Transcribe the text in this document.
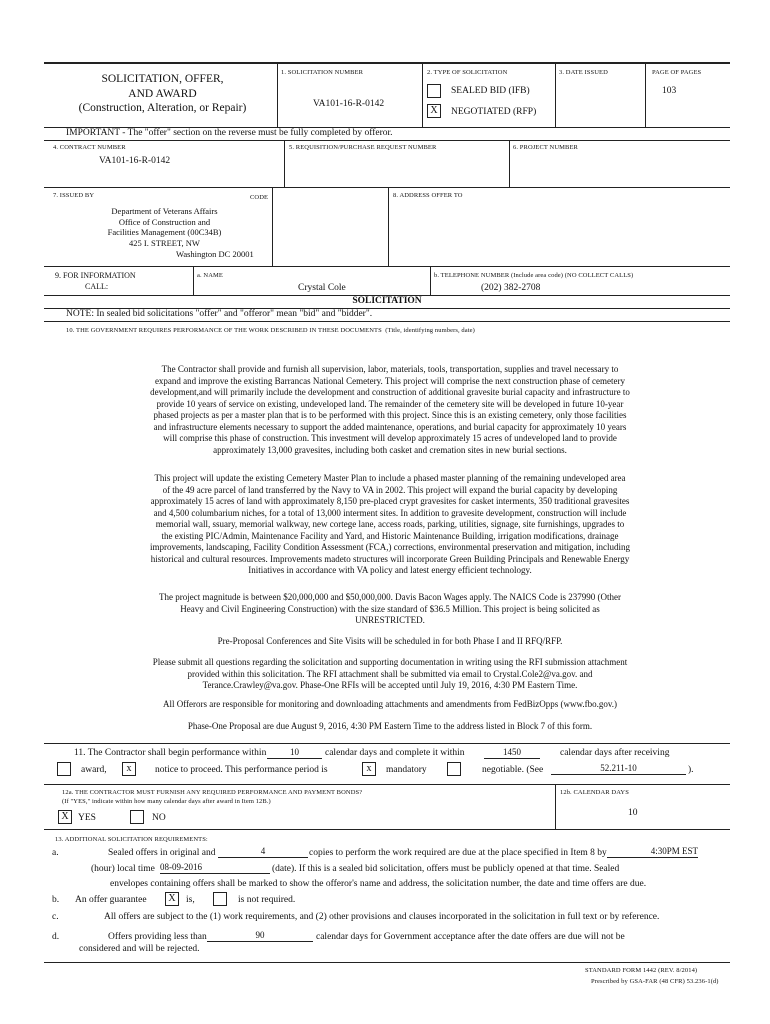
SOLICITATION, OFFER,
AND AWARD
(Construction, Alteration, or Repair)
1. SOLICITATION NUMBER
VA101-16-R-0142
2. TYPE OF SOLICITATION
SEALED BID (IFB)
X	NEGOTIATED (RFP)
3. DATE ISSUED	PAGE OF PAGES
103
IMPORTANT - The "offer" section on the reverse must be fully completed by offeror.
4. CONTRACT NUMBER
VA101-16-R-0142
5. REQUISITION/PURCHASE REQUEST NUMBER	6. PROJECT NUMBER
7. ISSUED BY	CODE
Department of Veterans Affairs
Office of Construction and
Facilities Management (00C34B)
425 I. STREET, NW
Washington DC 20001
8. ADDRESS OFFER TO
9. FOR INFORMATION
CALL:
a. NAME
Crystal Cole
b. TELEPHONE NUMBER (Include area code) (NO COLLECT CALLS)
(202) 382-2708
SOLICITATION
NOTE: In sealed bid solicitations "offer" and "offeror" mean "bid" and "bidder".
10. THE GOVERNMENT REQUIRES PERFORMANCE OF THE WORK DESCRIBED IN THESE DOCUMENTS (Title, identifying numbers, date)
The Contractor shall provide and furnish all supervision, labor, materials, tools, transportation, supplies and travel necessary to expand and improve the existing Barrancas National Cemetery. This project will comprise the next construction phase of cemetery development,and will primarily include the development and construction of additional gravesite burial capacity and infrastructure to provide 10 years of service on existing, undeveloped land. The remainder of the cemetery site will be developed in future 10-year phased projects as per a master plan that is to be performed with this project. Since this is an existing cemetery, only those facilities and infrastructure elements necessary to support the added maintenance, operations, and burial capacity for approximately 10 years will comprise this phase of construction. This investment will develop approximately 15 acres of undeveloped land to provide approximately 13,000 gravesites, including both casket and cremation sites in new burial sections.
This project will update the existing Cemetery Master Plan to include a phased master planning of the remaining undeveloped area of the 49 acre parcel of land transferred by the Navy to VA in 2002. This project will expand the burial capacity by developing approximately 15 acres of land with approximately 8,150 pre-placed crypt gravesites for casket interments, 350 traditional gravesites and 4,500 columbarium niches, for a total of 13,000 interment sites. In addition to gravesite development, construction will include memorial wall, ssuary, memorial walkway, new cortege lane, access roads, parking, utilities, signage, site furnishings, upgrades to the existing PIC/Admin, Maintenance Facility and Yard, and Historic Maintenance Building, irrigation modifications, drainage improvements, landscaping, Facility Condition Assessment (FCA,) corrections, environmental preservation and mitigation, including historical and cultural resources. Improvements madeto structures will incorporate Green Building Principals and Renewable Energy Initiatives in accordance with VA policy and latest energy efficient technology.
The project magnitude is between $20,000,000 and $50,000,000. Davis Bacon Wages apply. The NAICS Code is 237990 (Other Heavy and Civil Engineering Construction) with the size standard of $36.5 Million. This project is being solicited as UNRESTRICTED.
Pre-Proposal Conferences and Site Visits will be scheduled in for both Phase I and II RFQ/RFP.
Please submit all questions regarding the solicitation and supporting documentation in writing using the RFI submission attachment provided within this solicitation. The RFI attachment shall be submitted via email to Crystal.Cole2@va.gov. and Terance.Crawley@va.gov. Phase-One RFIs will be accepted until July 19, 2016, 4:30 PM Eastern Time.
All Offerors are responsible for monitoring and downloading attachments and amendments from FedBizOpps (www.fbo.gov.)
Phase-One Proposal are due August 9, 2016, 4:30 PM Eastern Time to the address listed in Block 7 of this form.
11. The Contractor shall begin performance within	10	calendar days and complete it within	1450	calendar days after receiving
award,	x	notice to proceed. This performance period is	x	mandatory	negotiable. (See	52.211-10	).
12a. THE CONTRACTOR MUST FURNISH ANY REQUIRED PERFORMANCE AND PAYMENT BONDS?
(If "YES," indicate within how many calendar days after award in Item 12B.)
X YES	NO
12b. CALENDAR DAYS
10
13. ADDITIONAL SOLICITATION REQUIREMENTS:
a.	Sealed offers in original and	4	copies to perform the work required are due at the place specified in Item 8 by	4:30PM EST
(hour) local time 08-09-2016	(date). If this is a sealed bid solicitation, offers must be publicly opened at that time. Sealed
envelopes containing offers shall be marked to show the offeror's name and address, the solicitation number, the date and time offers are due.
b. An offer guarantee	X	is,	is not required.
c.	All offers are subject to the (1) work requirements, and (2) other provisions and clauses incorporated in the solicitation in full text or by reference.
d.	Offers providing less than	90	calendar days for Government acceptance after the date offers are due will not be
considered and will be rejected.
STANDARD FORM 1442 (REV. 8/2014)
Prescribed by GSA-FAR (48 CFR) 53.236-1(d)
